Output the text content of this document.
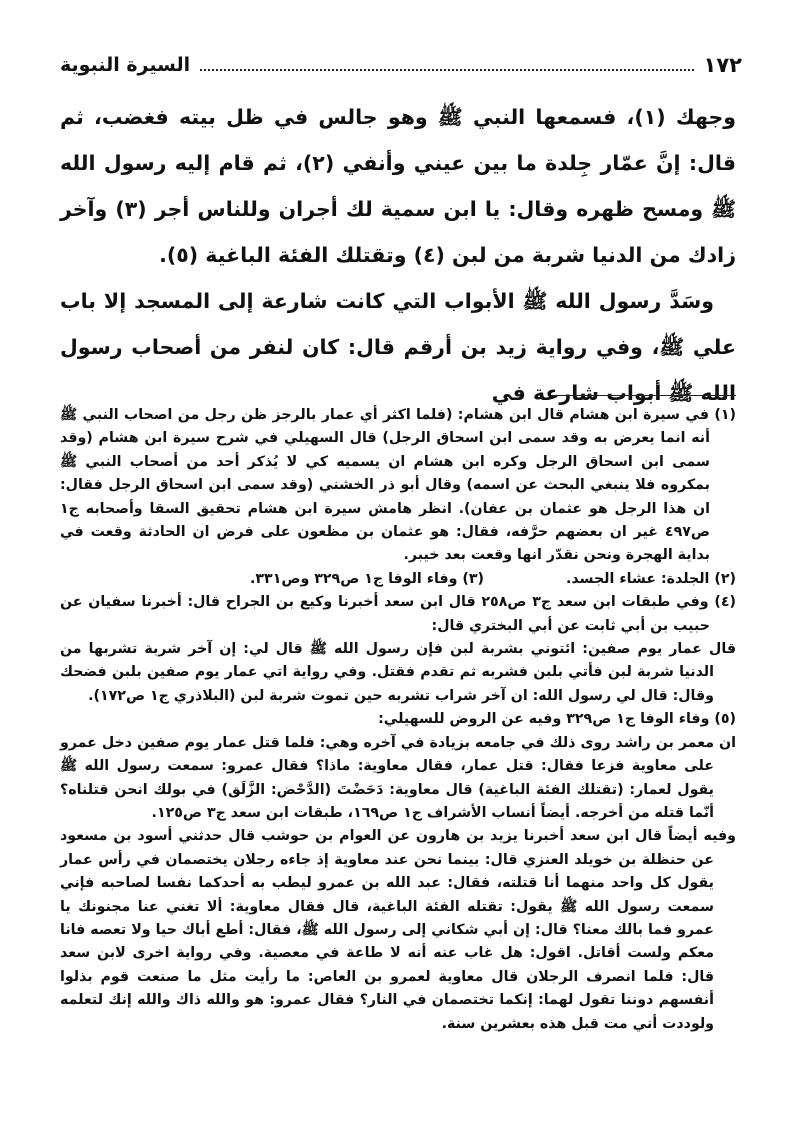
١٧٢
السيرة النبوية

وجهك (١)، فسمعها النبي ﷺ وهو جالس في ظل بيته فغضب، ثم قال: إنَّ عمّار جِلدة ما بين عيني وأنفي (٢)، ثم قام إليه رسول الله ﷺ ومسح ظهره وقال: يا ابن سمية لك أجران وللناس أجر (٣) وآخر زادك من الدنيا شربة من لبن (٤) وتقتلك الفئة الباغية (٥).

وسَدَّ رسول الله ﷺ الأبواب التي كانت شارعة إلى المسجد إلا باب علي ﷺ، وفي رواية زيد بن أرقم قال: كان لنفر من أصحاب رسول الله ﷺ أبواب شارعة في

(١) في سيرة ابن هشام قال ابن هشام: (فلما اكثر أي عمار بالرجز ظن رجل من اصحاب النبي ﷺ أنه انما يعرض به وقد سمى ابن اسحاق الرجل) قال السهيلي في شرح سيرة ابن هشام (وقد سمى ابن اسحاق الرجل وكره ابن هشام ان يسميه كي لا يُذكر أحد من أصحاب النبي ﷺ بمكروه فلا ينبغي البحث عن اسمه) وقال أبو ذر الخشني (وقد سمى ابن اسحاق الرجل فقال: ان هذا الرجل هو عثمان بن عفان). انظر هامش سيرة ابن هشام تحقيق السقا وأصحابه ج١ ص٤٩٧ غير ان بعضهم حرَّفه، فقال: هو عثمان بن مظعون على فرض ان الحادثة وقعت في بداية الهجرة ونحن نقدّر انها وقعت بعد خيبر.

(٢) الجلدة: عشاء الجسد.
(٣) وفاء الوفا ج١ ص٣٢٩ وص٣٣١.

(٤) وفي طبقات ابن سعد ج٣ ص٢٥٨ قال ابن سعد أخبرنا وكيع بن الجراح قال: أخبرنا سفيان عن حبيب بن أبي ثابت عن أبي البختري قال:

قال عمار يوم صفين: ائتوني بشربة لبن فإن رسول الله ﷺ قال لي: إن آخر شربة تشربها من الدنيا شربة لبن فأتي بلبن فشربه ثم تقدم فقتل. وفي رواية اتي عمار يوم صفين بلبن فضحك وقال: قال لي رسول الله: ان آخر شراب تشربه حين تموت شربة لبن (البلاذري ج١ ص١٧٢).

(٥) وفاء الوفا ج١ ص٣٢٩ وفيه عن الروض للسهيلي:

ان معمر بن راشد روى ذلك في جامعه بزيادة في آخره وهي: فلما قتل عمار يوم صفين دخل عمرو على معاوية فزعا فقال: قتل عمار، فقال معاوية: ماذا؟ فقال عمرو: سمعت رسول الله ﷺ يقول لعمار: (تقتلك الفئة الباغية) قال معاوية: دَحَضْتَ (الدَّحْض: الزَّلَق) في بولك انحن قتلناه؟ أنّما قتله من أخرجه. أيضاً أنساب الأشراف ج١ ص١٦٩، طبقات ابن سعد ج٣ ص١٢٥.

وفيه أيضاً قال ابن سعد أخبرنا يزيد بن هارون عن العوام بن حوشب قال حدثني أسود بن مسعود عن حنظلة بن خويلد العنزي قال: بينما نحن عند معاوية إذ جاءه رجلان يختصمان في رأس عمار يقول كل واحد منهما أنا قتلته، فقال: عبد الله بن عمرو ليطب به أحدكما نفسا لصاحبه فإني سمعت رسول الله ﷺ يقول: تقتله الفئة الباغية، قال فقال معاوية: ألا تغني عنا مجنونك يا عمرو فما بالك معنا؟ قال: إن أبي شكاني إلى رسول الله ﷺ، فقال: أطع أباك حيا ولا تعصه فانا معكم ولست أقاتل. اقول: هل غاب عنه أنه لا طاعة في معصية. وفي رواية اخرى لابن سعد قال: فلما انصرف الرجلان قال معاوية لعمرو بن العاص: ما رأيت مثل ما صنعت قوم بذلوا أنفسهم دوننا تقول لهما: إنكما تختصمان في النار؟ فقال عمرو: هو والله ذاك والله إنك لتعلمه ولوددت أني مت قبل هذه بعشرين سنة.
